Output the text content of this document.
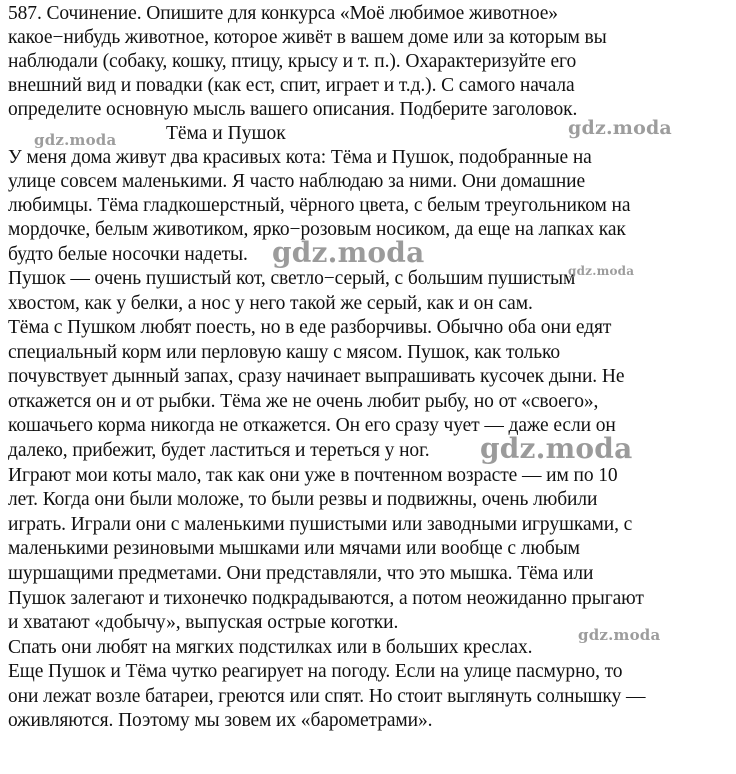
587. Сочинение. Опишите для конкурса «Моё любимое животное»
какое−нибудь животное, которое живёт в вашем доме или за которым вы
наблюдали (собаку, кошку, птицу, крысу и т. п.). Охарактеризуйте его
внешний вид и повадки (как ест, спит, играет и т.д.). С самого начала
определите основную мысль вашего описания. Подберите заголовок.
Тёма и Пушок
У меня дома живут два красивых кота: Тёма и Пушок, подобранные на
улице совсем маленькими. Я часто наблюдаю за ними. Они домашние
любимцы. Тёма гладкошерстный, чёрного цвета, с белым треугольником на
мордочке, белым животиком, ярко−розовым носиком, да еще на лапках как
будто белые носочки надеты.
Пушок — очень пушистый кот, светло−серый, с большим пушистым
хвостом, как у белки, а нос у него такой же серый, как и он сам.
Тёма с Пушком любят поесть, но в еде разборчивы. Обычно оба они едят
специальный корм или перловую кашу с мясом. Пушок, как только
почувствует дынный запах, сразу начинает выпрашивать кусочек дыни. Не
откажется он и от рыбки. Тёма же не очень любит рыбу, но от «своего»,
кошачьего корма никогда не откажется. Он его сразу чует — даже если он
далеко, прибежит, будет ластиться и тереться у ног.
Играют мои коты мало, так как они уже в почтенном возрасте — им по 10
лет. Когда они были моложе, то были резвы и подвижны, очень любили
играть. Играли они с маленькими пушистыми или заводными игрушками, с
маленькими резиновыми мышками или мячами или вообще с любым
шуршащими предметами. Они представляли, что это мышка. Тёма или
Пушок залегают и тихонечко подкрадываются, а потом неожиданно прыгают
и хватают «добычу», выпуская острые коготки.
Спать они любят на мягких подстилках или в больших креслах.
Еще Пушок и Тёма чутко реагирует на погоду. Если на улице пасмурно, то
они лежат возле батареи, греются или спят. Но стоит выглянуть солнышку —
оживляются. Поэтому мы зовем их «барометрами».
gdz.moda
gdz.moda
gdz.moda
gdz.moda
gdz.moda
gdz.moda
